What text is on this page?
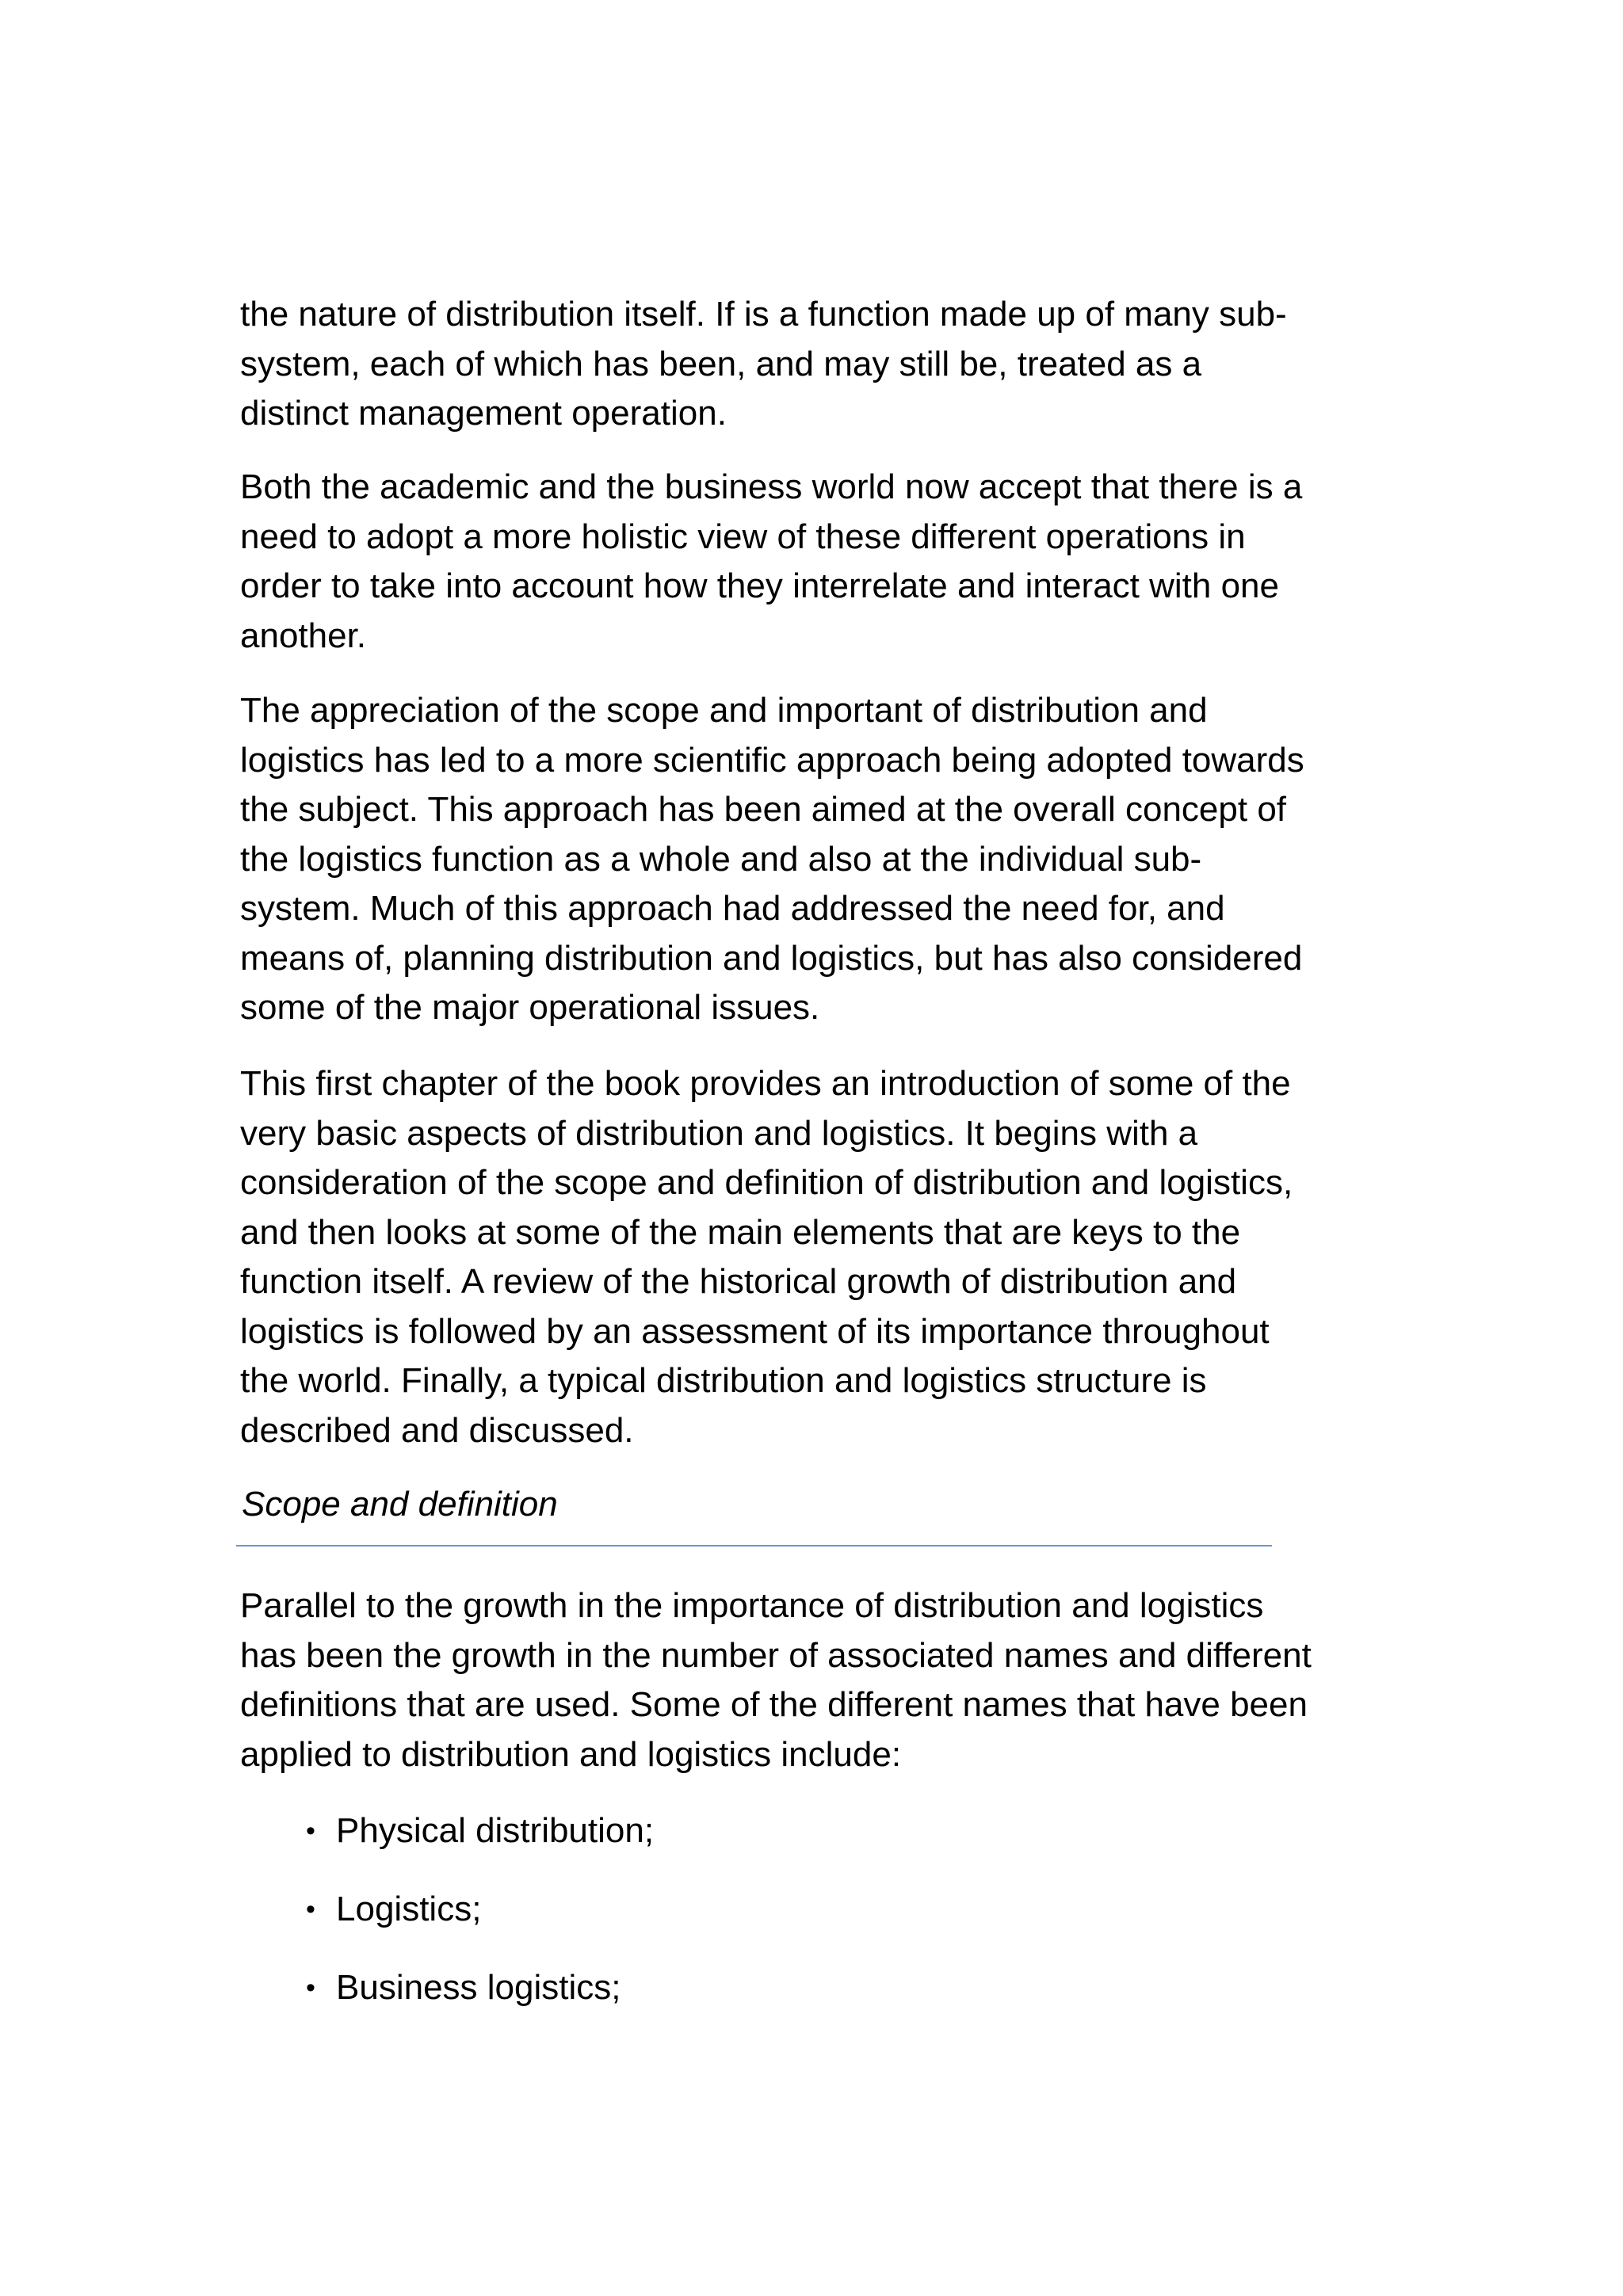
the nature of distribution itself. If is a function made up of many sub-
system, each of which has been, and may still be, treated as a
distinct management operation.

Both the academic and the business world now accept that there is a
need to adopt a more holistic view of these different operations in
order to take into account how they interrelate and interact with one
another.

The appreciation of the scope and important of distribution and
logistics has led to a more scientific approach being adopted towards
the subject. This approach has been aimed at the overall concept of
the logistics function as a whole and also at the individual sub-
system. Much of this approach had addressed the need for, and
means of, planning distribution and logistics, but has also considered
some of the major operational issues.

This first chapter of the book provides an introduction of some of the
very basic aspects of distribution and logistics. It begins with a
consideration of the scope and definition of distribution and logistics,
and then looks at some of the main elements that are keys to the
function itself. A review of the historical growth of distribution and
logistics is followed by an assessment of its importance throughout
the world. Finally, a typical distribution and logistics structure is
described and discussed.

Scope and definition

Parallel to the growth in the importance of distribution and logistics
has been the growth in the number of associated names and different
definitions that are used. Some of the different names that have been
applied to distribution and logistics include:

• Physical distribution;
• Logistics;
• Business logistics;
